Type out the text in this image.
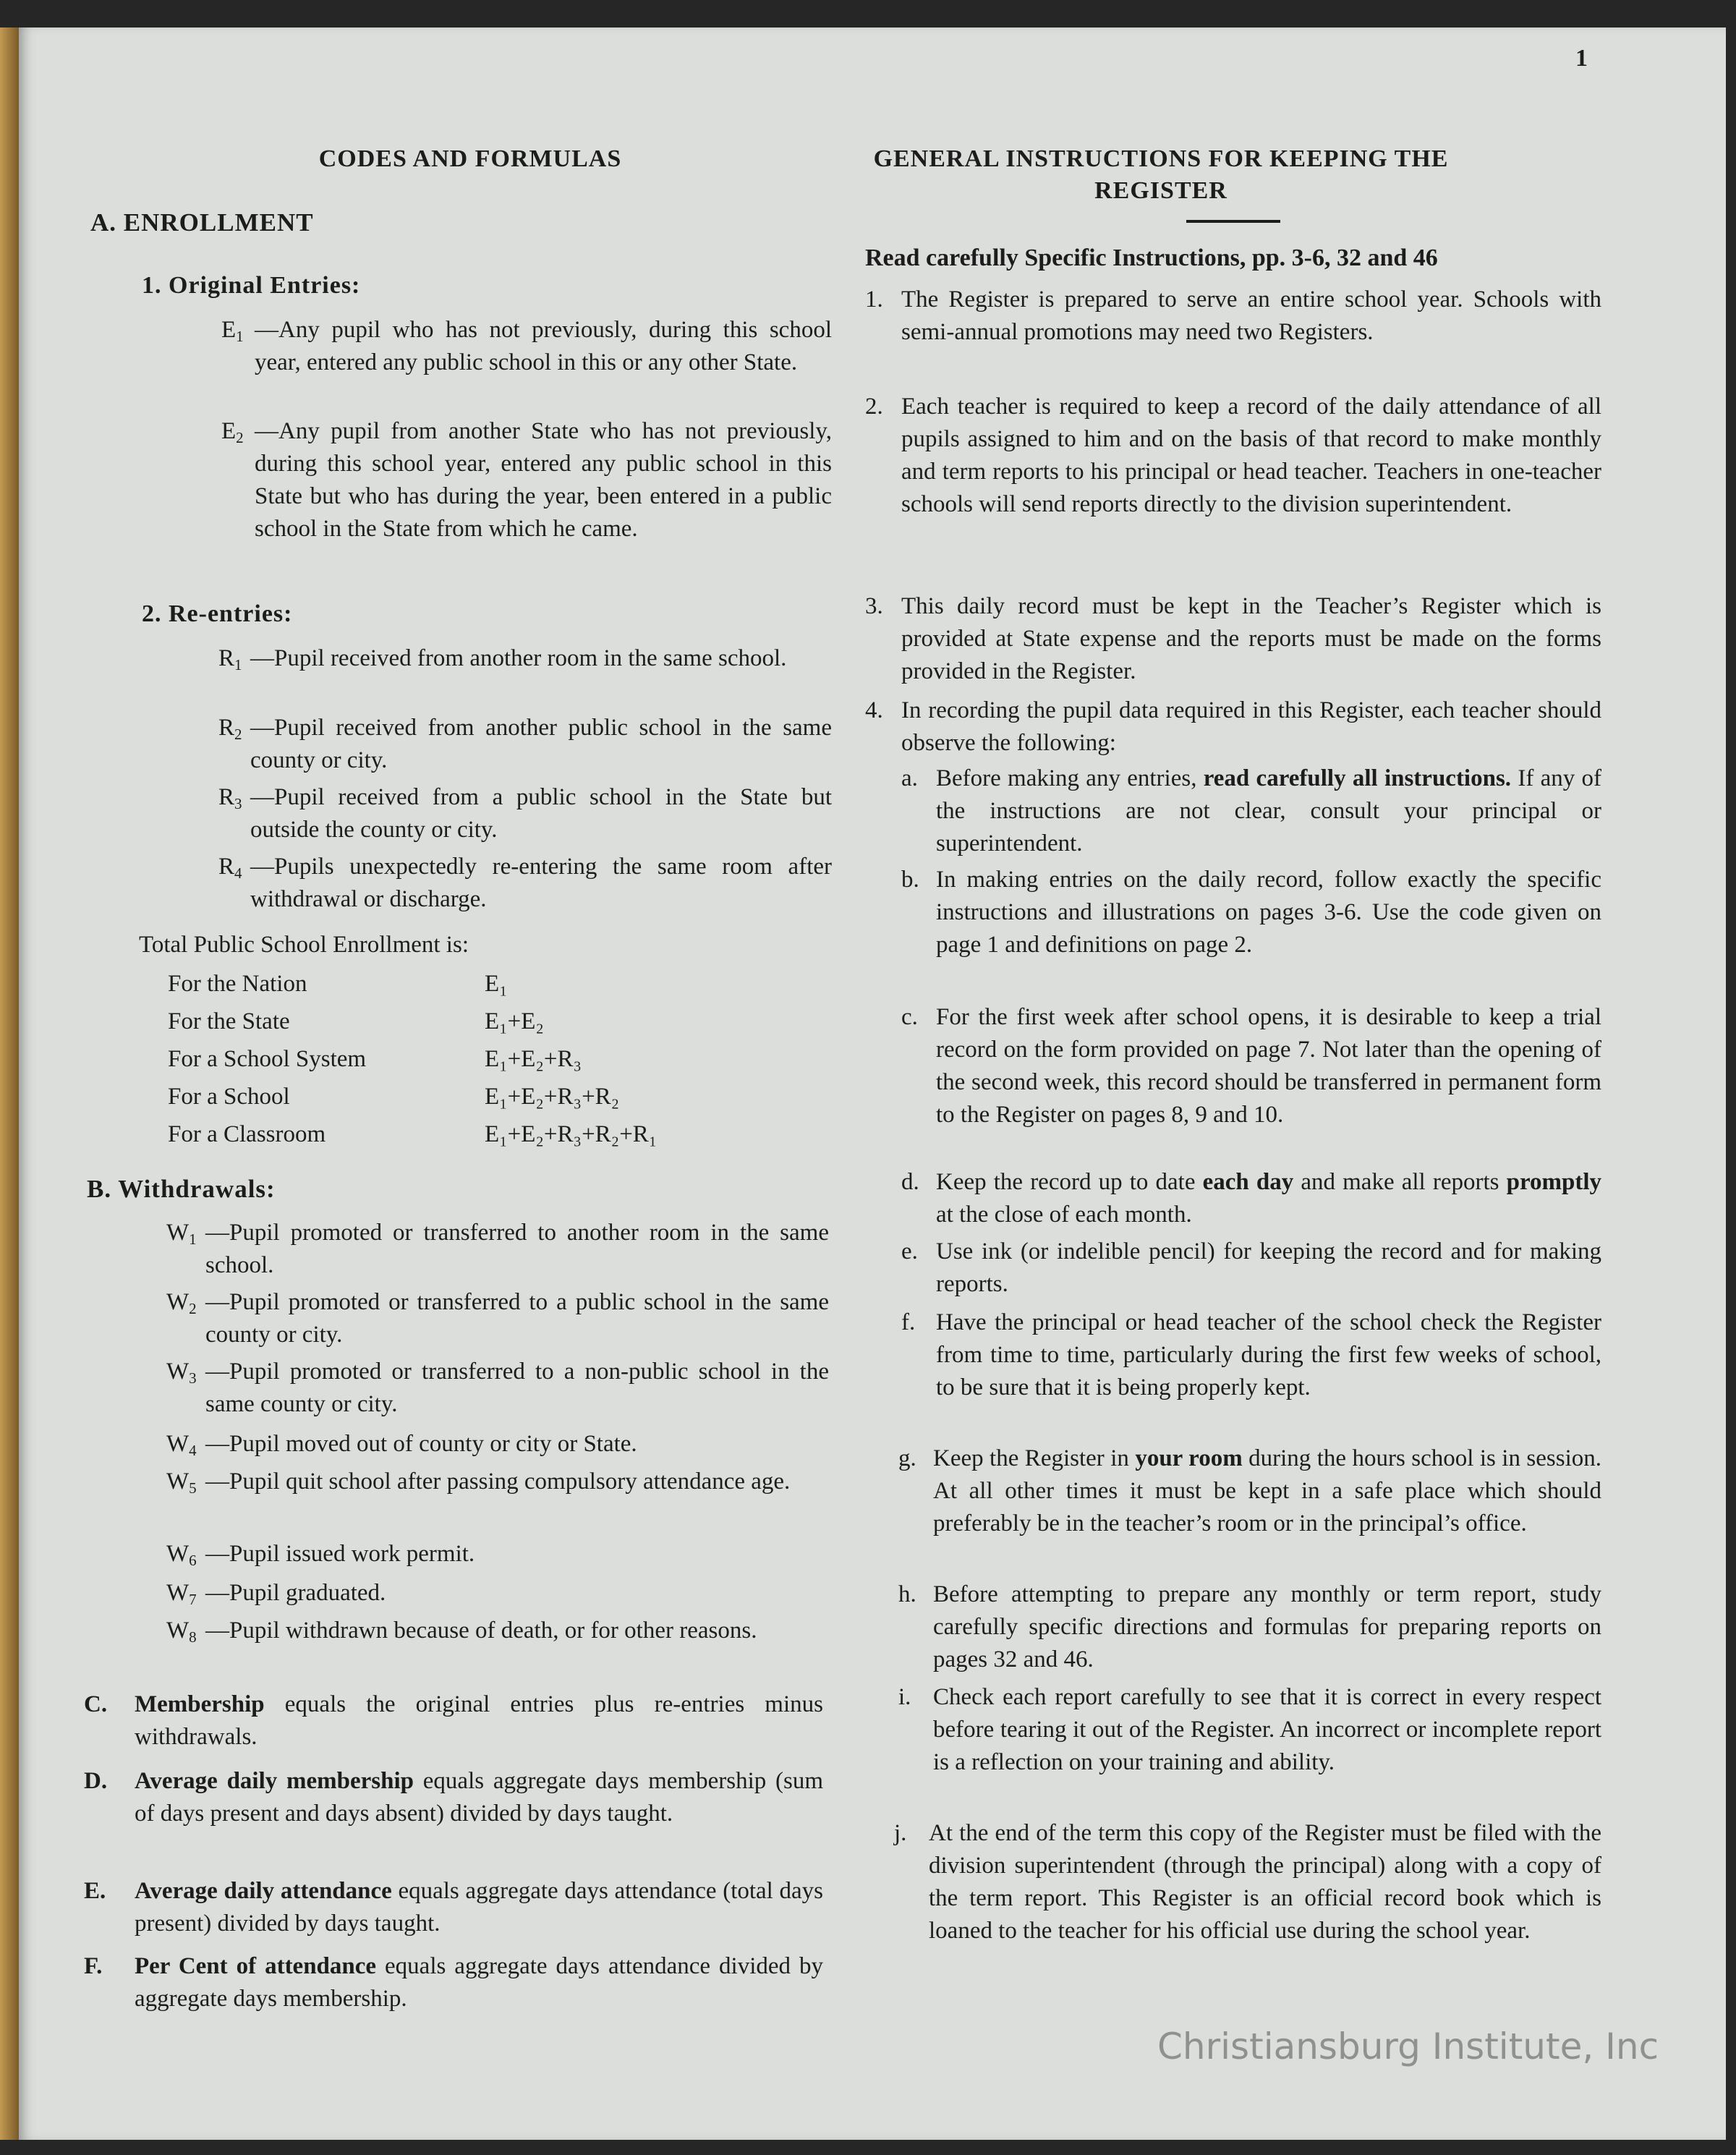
1
CODES AND FORMULAS
A. ENROLLMENT
1. Original Entries:
$E_1$ —Any pupil who has not previously, during this school year, entered any public school in this or any other State.
$E_2$ —Any pupil from another State who has not previously, during this school year, entered any public school in this State but who has during the year, been entered in a public school in the State from which he came.
2. Re-entries:
$R_1$ —Pupil received from another room in the same school.
$R_2$ —Pupil received from another public school in the same county or city.
$R_3$ —Pupil received from a public school in the State but outside the county or city.
$R_4$ —Pupils unexpectedly re-entering the same room after withdrawal or discharge.
Total Public School Enrollment is:
For the Nation	E₁
For the State	E₁+E₂
For a School System	E₁+E₂+R₃
For a School	E₁+E₂+R₃+R₂
For a Classroom	E₁+E₂+R₃+R₂+R₁
B. Withdrawals:
$W_1$ —Pupil promoted or transferred to another room in the same school.
$W_2$ —Pupil promoted or transferred to a public school in the same county or city.
$W_3$ —Pupil promoted or transferred to a non-public school in the same county or city.
$W_4$ —Pupil moved out of county or city or State.
$W_5$ —Pupil quit school after passing compulsory attendance age.
$W_6$ —Pupil issued work permit.
$W_7$ —Pupil graduated.
$W_8$ —Pupil withdrawn because of death, or for other reasons.
C. Membership equals the original entries plus re-entries minus withdrawals.
D. Average daily membership equals aggregate days membership (sum of days present and days absent) divided by days taught.
E. Average daily attendance equals aggregate days attendance (total days present) divided by days taught.
F. Per Cent of attendance equals aggregate days attendance divided by aggregate days membership.
GENERAL INSTRUCTIONS FOR KEEPING THE REGISTER
Read carefully Specific Instructions, pp. 3-6, 32 and 46
1. The Register is prepared to serve an entire school year. Schools with semi-annual promotions may need two Registers.
2. Each teacher is required to keep a record of the daily attendance of all pupils assigned to him and on the basis of that record to make monthly and term reports to his principal or head teacher. Teachers in one-teacher schools will send reports directly to the division superintendent.
3. This daily record must be kept in the Teacher’s Register which is provided at State expense and the reports must be made on the forms provided in the Register.
4. In recording the pupil data required in this Register, each teacher should observe the following:
a. Before making any entries, read carefully all instructions. If any of the instructions are not clear, consult your principal or superintendent.
b. In making entries on the daily record, follow exactly the specific instructions and illustrations on pages 3-6. Use the code given on page 1 and definitions on page 2.
c. For the first week after school opens, it is desirable to keep a trial record on the form provided on page 7. Not later than the opening of the second week, this record should be transferred in permanent form to the Register on pages 8, 9 and 10.
d. Keep the record up to date each day and make all reports promptly at the close of each month.
e. Use ink (or indelible pencil) for keeping the record and for making reports.
f. Have the principal or head teacher of the school check the Register from time to time, particularly during the first few weeks of school, to be sure that it is being properly kept.
g. Keep the Register in your room during the hours school is in session. At all other times it must be kept in a safe place which should preferably be in the teacher’s room or in the principal’s office.
h. Before attempting to prepare any monthly or term report, study carefully specific directions and formulas for preparing reports on pages 32 and 46.
i. Check each report carefully to see that it is correct in every respect before tearing it out of the Register. An incorrect or incomplete report is a reflection on your training and ability.
j. At the end of the term this copy of the Register must be filed with the division superintendent (through the principal) along with a copy of the term report. This Register is an official record book which is loaned to the teacher for his official use during the school year.
Christiansburg Institute, Inc
